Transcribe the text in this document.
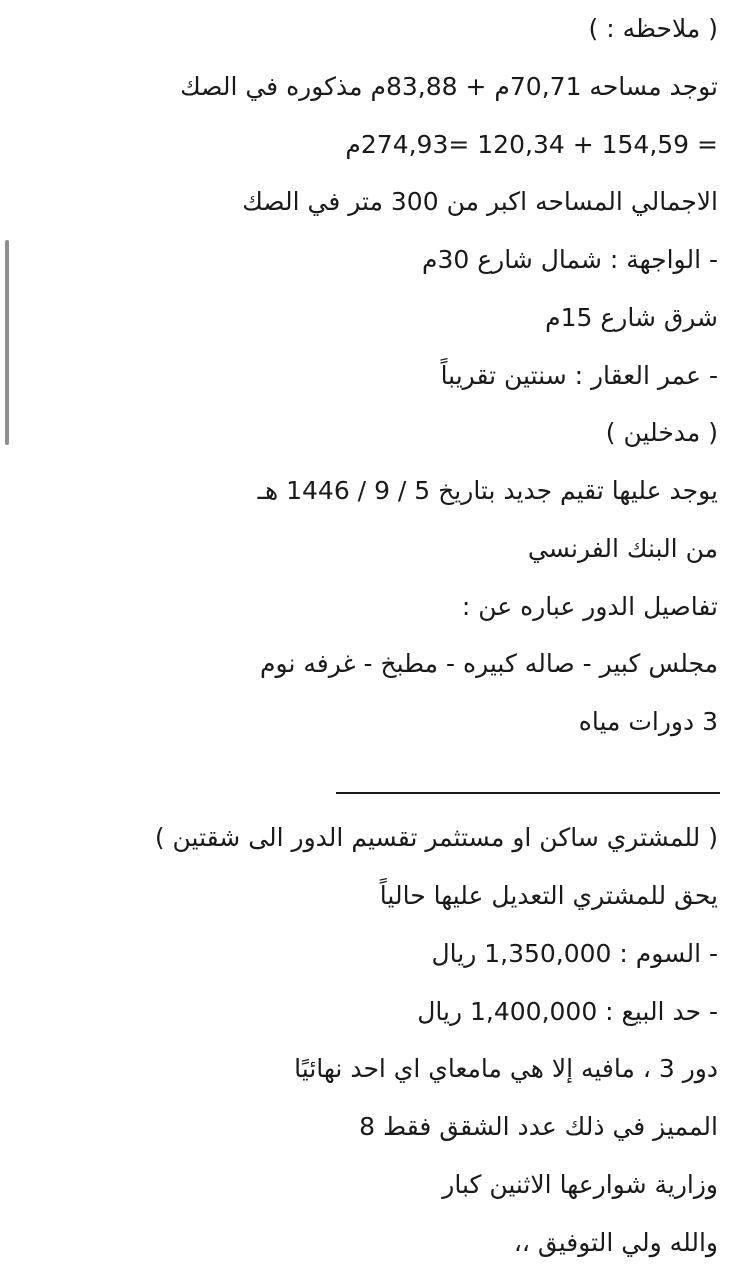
( ملاحظه : )
توجد مساحه 70,71م + 83,88م مذكوره في الصك
= 154,59 + 120,34 =274,93م
الاجمالي المساحه اكبر من 300 متر في الصك
- الواجهة : شمال شارع 30م
شرق شارع 15م
- عمر العقار : سنتين تقريباً
( مدخلين )
يوجد عليها تقيم جديد بتاريخ 5 / 9 / 1446 هـ
من البنك الفرنسي
تفاصيل الدور عباره عن :
مجلس كبير - صاله كبيره - مطبخ - غرفه نوم
3 دورات مياه
( للمشتري ساكن او مستثمر تقسيم الدور الى شقتين )
يحق للمشتري التعديل عليها حالياً
- السوم : 1,350,000 ريال
- حد البيع : 1,400,000 ريال
دور 3 ، مافيه إلا هي مامعاي اي احد نهائيًا
المميز في ذلك عدد الشقق فقط 8
وزارية شوارعها الاثنين كبار
والله ولي التوفيق ،،
